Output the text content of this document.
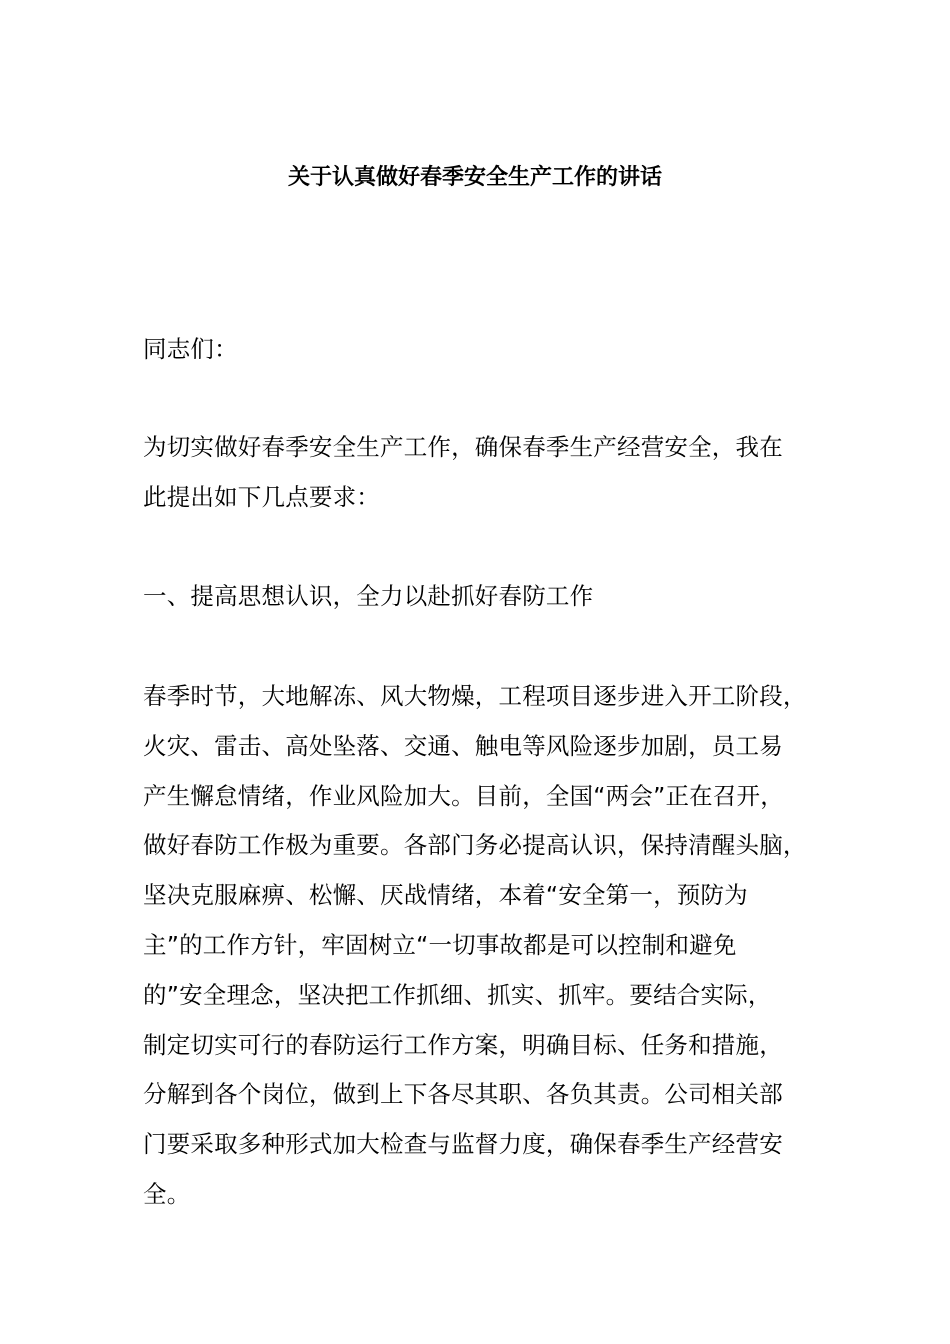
关于认真做好春季安全生产工作的讲话

同志们：

为切实做好春季安全生产工作，确保春季生产经营安全，我在
此提出如下几点要求：

一、提高思想认识，全力以赴抓好春防工作

春季时节，大地解冻、风大物燥，工程项目逐步进入开工阶段，
火灾、雷击、高处坠落、交通、触电等风险逐步加剧，员工易
产生懈怠情绪，作业风险加大。目前，全国“两会”正在召开，
做好春防工作极为重要。各部门务必提高认识，保持清醒头脑，
坚决克服麻痹、松懈、厌战情绪，本着“安全第一，预防为
主”的工作方针，牢固树立“一切事故都是可以控制和避免
的”安全理念，坚决把工作抓细、抓实、抓牢。要结合实际，
制定切实可行的春防运行工作方案，明确目标、任务和措施，
分解到各个岗位，做到上下各尽其职、各负其责。公司相关部
门要采取多种形式加大检查与监督力度，确保春季生产经营安
全。
